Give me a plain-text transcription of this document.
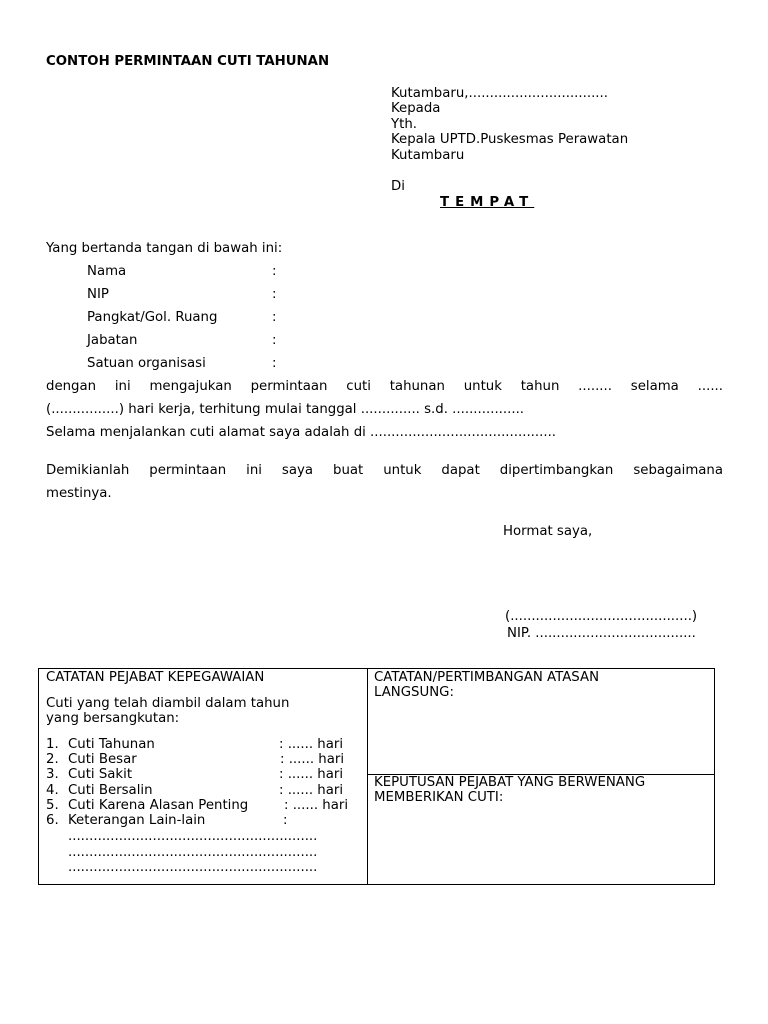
CONTOH PERMINTAAN CUTI TAHUNAN
Kutambaru,.................................
Kepada
Yth.
Kepala UPTD.Puskesmas Perawatan
Kutambaru
Di
TEMPAT
Yang bertanda tangan di bawah ini:
Nama	:
NIP	:
Pangkat/Gol. Ruang	:
Jabatan	:
Satuan organisasi	:
dengan ini mengajukan permintaan cuti tahunan untuk tahun ........ selama ......
(................) hari kerja, terhitung mulai tanggal .............. s.d. .................
Selama menjalankan cuti alamat saya adalah di ............................................
Demikianlah permintaan ini saya buat untuk dapat dipertimbangkan sebagaimana
mestinya.
Hormat saya,
(...........................................)
NIP. ......................................
CATATAN PEJABAT KEPEGAWAIAN
Cuti yang telah diambil dalam tahun
yang bersangkutan:
1. Cuti Tahunan	: ...... hari
2. Cuti Besar	: ...... hari
3. Cuti Sakit	: ...... hari
4. Cuti Bersalin	: ...... hari
5. Cuti Karena Alasan Penting	: ...... hari
6. Keterangan Lain-lain	:
...........................................................
...........................................................
...........................................................
CATATAN/PERTIMBANGAN ATASAN
LANGSUNG:
KEPUTUSAN PEJABAT YANG BERWENANG
MEMBERIKAN CUTI:
